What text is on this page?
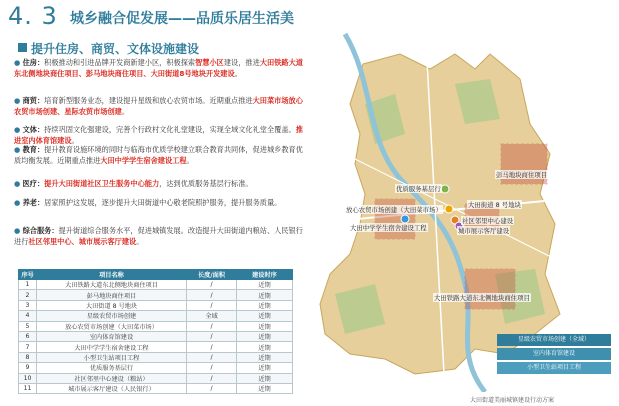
4. 3 城乡融合促发展——品质乐居生活美
提升住房、商贸、文体设施建设
● 住房：积极推动和引进品牌开发商新建小区，积极探索智慧小区建设，推进大田铁路大道东北侧地块商住项目、彭马地块商住项目、大田街道8号地块开发建设。
● 商贸：培育新型服务业态，建设提升星级和放心农贸市场。近期重点推进大田菜市场放心农贸市场创建、星际农贸市场创建。
● 文体：持续巩固文化强建设，完善个行政村文化礼堂建设，实现全域文化礼堂全覆盖。推进室内体育馆建设。
● 教育：提升教育设施环境的同时与临海市优质学校建立联合教育共同体，促进城乡教育优质均衡发展。近期重点推进大田中学学生宿舍建设工程。
● 医疗：提升大田街道社区卫生服务中心能力，达到优质服务基层行标准。
● 养老：居家照护这发展，逐步提升大田街道中心敬老院照护服务，提升服务质量。
● 综合服务：提升街道综合服务水平，促进城镇发展。改造提升大田街道内粮站、人民银行进行社区邻里中心、城市展示客厅建设。
序号	项目名称	长度/面积	建设时序
1	大田铁路大道东北侧地块商住项目	/	近期
2	彭马地块商住项目	/	近期
3	大田街道 8 号地块	/	近期
4	星级农贸市场创建	全域	近期
5	放心农贸市场创建（大田菜市场）	/	近期
6	室内体育馆建设	/	近期
7	大田中学学生宿舍建设工程	/	近期
8	小型卫生站项目工程	/	近期
9	优质服务基层行	/	近期
10	社区邻里中心建设（粮站）	/	近期
11	城市展示客厅建设（人民银行）	/	近期
优质服务基层行
彭马地块商住项目
放心农贸市场创建（大田菜市场）
大田街道 8 号地块
社区邻里中心建设
城市展示客厅建设
大田中学学生宿舍建设工程
大田铁路大道东北侧地块商住项目
星级农贸市场创建（全域）
室内体育馆建设
小型卫生站项目工程
大田街道美丽城镇建设行动方案
